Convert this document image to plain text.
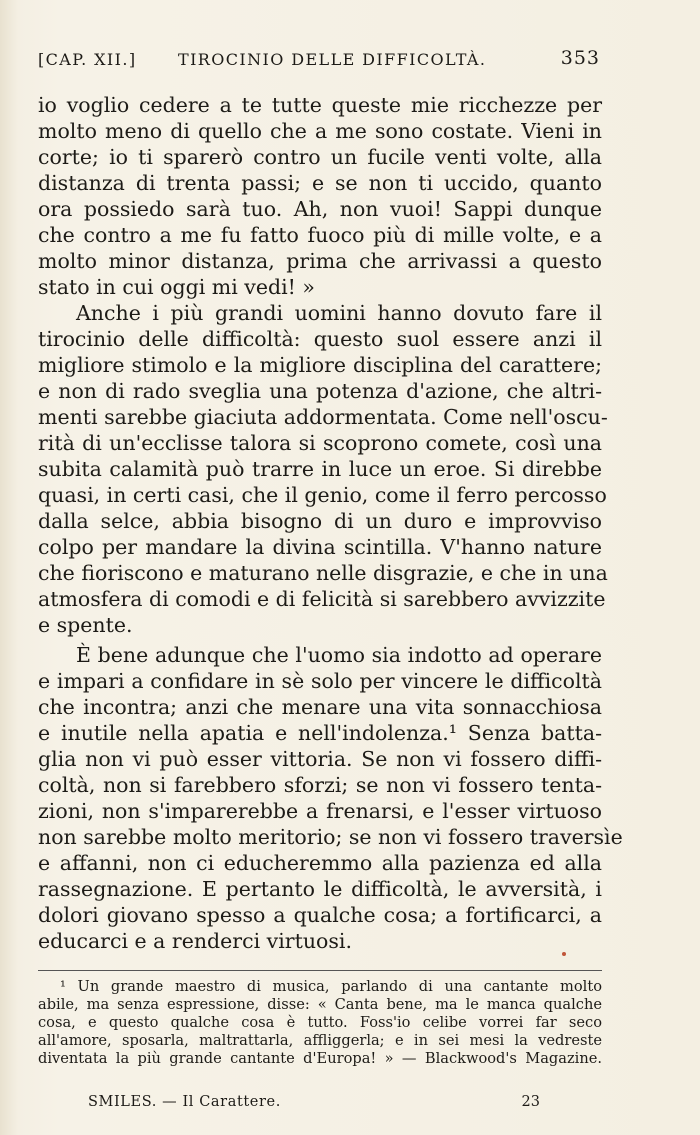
[CAP. XII.]	TIROCINIO DELLE DIFFICOLTÀ.	353
io voglio cedere a te tutte queste mie ricchezze per
molto meno di quello che a me sono costate. Vieni in
corte; io ti sparerò contro un fucile venti volte, alla
distanza di trenta passi; e se non ti uccido, quanto
ora possiedo sarà tuo. Ah, non vuoi! Sappi dunque
che contro a me fu fatto fuoco più di mille volte, e a
molto minor distanza, prima che arrivassi a questo
stato in cui oggi mi vedi! »
Anche i più grandi uomini hanno dovuto fare il
tirocinio delle difficoltà: questo suol essere anzi il
migliore stimolo e la migliore disciplina del carattere;
e non di rado sveglia una potenza d'azione, che altri-
menti sarebbe giaciuta addormentata. Come nell'oscu-
rità di un'ecclisse talora si scoprono comete, così una
subita calamità può trarre in luce un eroe. Si direbbe
quasi, in certi casi, che il genio, come il ferro percosso
dalla selce, abbia bisogno di un duro e improvviso
colpo per mandare la divina scintilla. V'hanno nature
che fioriscono e maturano nelle disgrazie, e che in una
atmosfera di comodi e di felicità si sarebbero avvizzite
e spente.
È bene adunque che l'uomo sia indotto ad operare
e impari a confidare in sè solo per vincere le difficoltà
che incontra; anzi che menare una vita sonnacchiosa
e inutile nella apatia e nell'indolenza.¹ Senza batta-
glia non vi può esser vittoria. Se non vi fossero diffi-
coltà, non si farebbero sforzi; se non vi fossero tenta-
zioni, non s'imparerebbe a frenarsi, e l'esser virtuoso
non sarebbe molto meritorio; se non vi fossero traversìe
e affanni, non ci educheremmo alla pazienza ed alla
rassegnazione. E pertanto le difficoltà, le avversità, i
dolori giovano spesso a qualche cosa; a fortificarci, a
educarci e a renderci virtuosi.
¹ Un grande maestro di musica, parlando di una cantante molto
abile, ma senza espressione, disse: « Canta bene, ma le manca qualche
cosa, e questo qualche cosa è tutto. Foss'io celibe vorrei far seco
all'amore, sposarla, maltrattarla, affliggerla; e in sei mesi la vedreste
diventata la più grande cantante d'Europa! » — Blackwood's Magazine.
SMILES. — Il Carattere.	23
